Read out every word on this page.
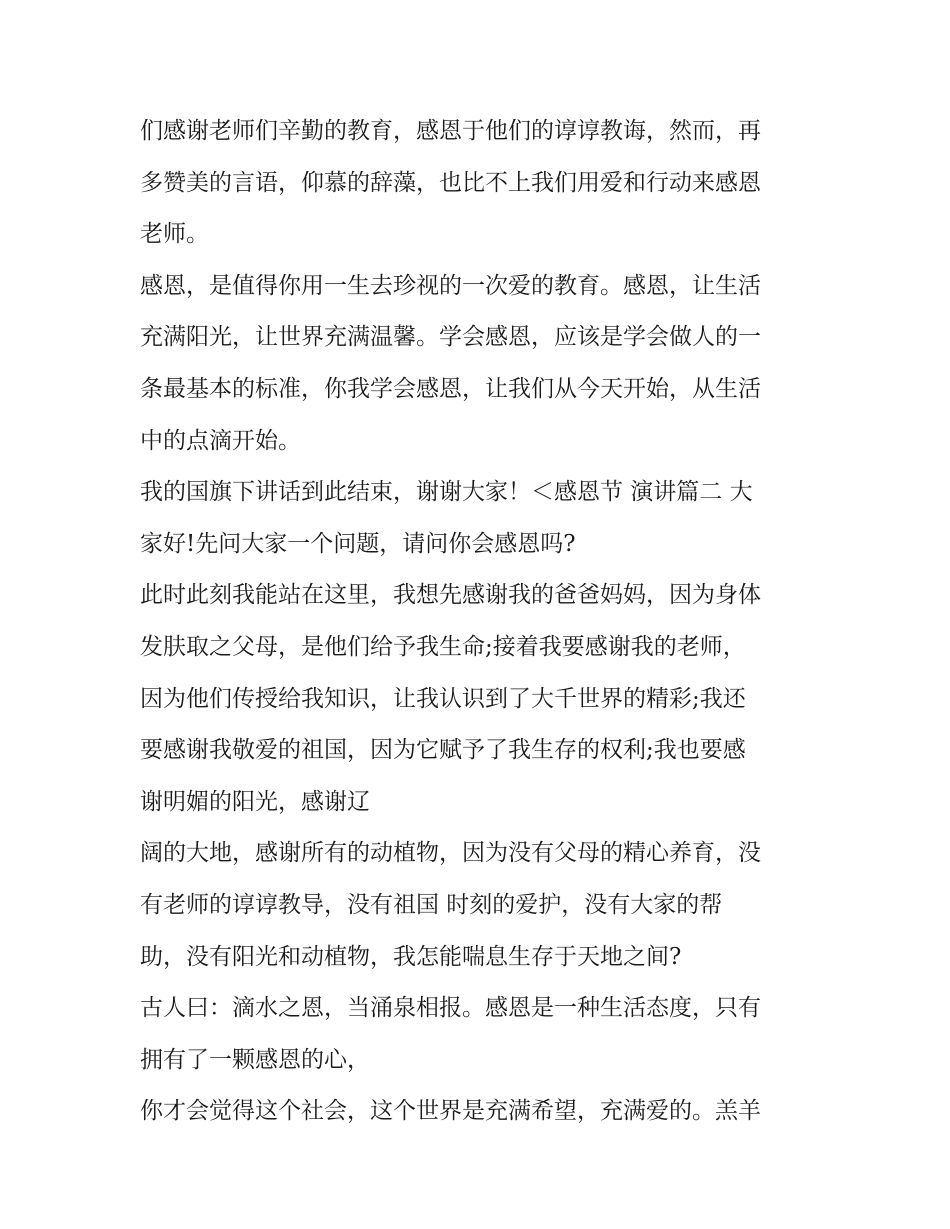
们感谢老师们辛勤的教育，感恩于他们的谆谆教诲，然而，再
多赞美的言语，仰慕的辞藻，也比不上我们用爱和行动来感恩
老师。
感恩，是值得你用一生去珍视的一次爱的教育。感恩，让生活
充满阳光，让世界充满温馨。学会感恩，应该是学会做人的一
条最基本的标准，你我学会感恩，让我们从今天开始，从生活
中的点滴开始。
我的国旗下讲话到此结束，谢谢大家！＜感恩节 演讲篇二 大
家好!先问大家一个问题，请问你会感恩吗?
此时此刻我能站在这里，我想先感谢我的爸爸妈妈，因为身体
发肤取之父母，是他们给予我生命;接着我要感谢我的老师，
因为他们传授给我知识，让我认识到了大千世界的精彩;我还
要感谢我敬爱的祖国，因为它赋予了我生存的权利;我也要感
谢明媚的阳光，感谢辽
阔的大地，感谢所有的动植物，因为没有父母的精心养育，没
有老师的谆谆教导，没有祖国 时刻的爱护，没有大家的帮
助，没有阳光和动植物，我怎能喘息生存于天地之间?
古人曰：滴水之恩，当涌泉相报。感恩是一种生活态度，只有
拥有了一颗感恩的心，
你才会觉得这个社会，这个世界是充满希望，充满爱的。羔羊
